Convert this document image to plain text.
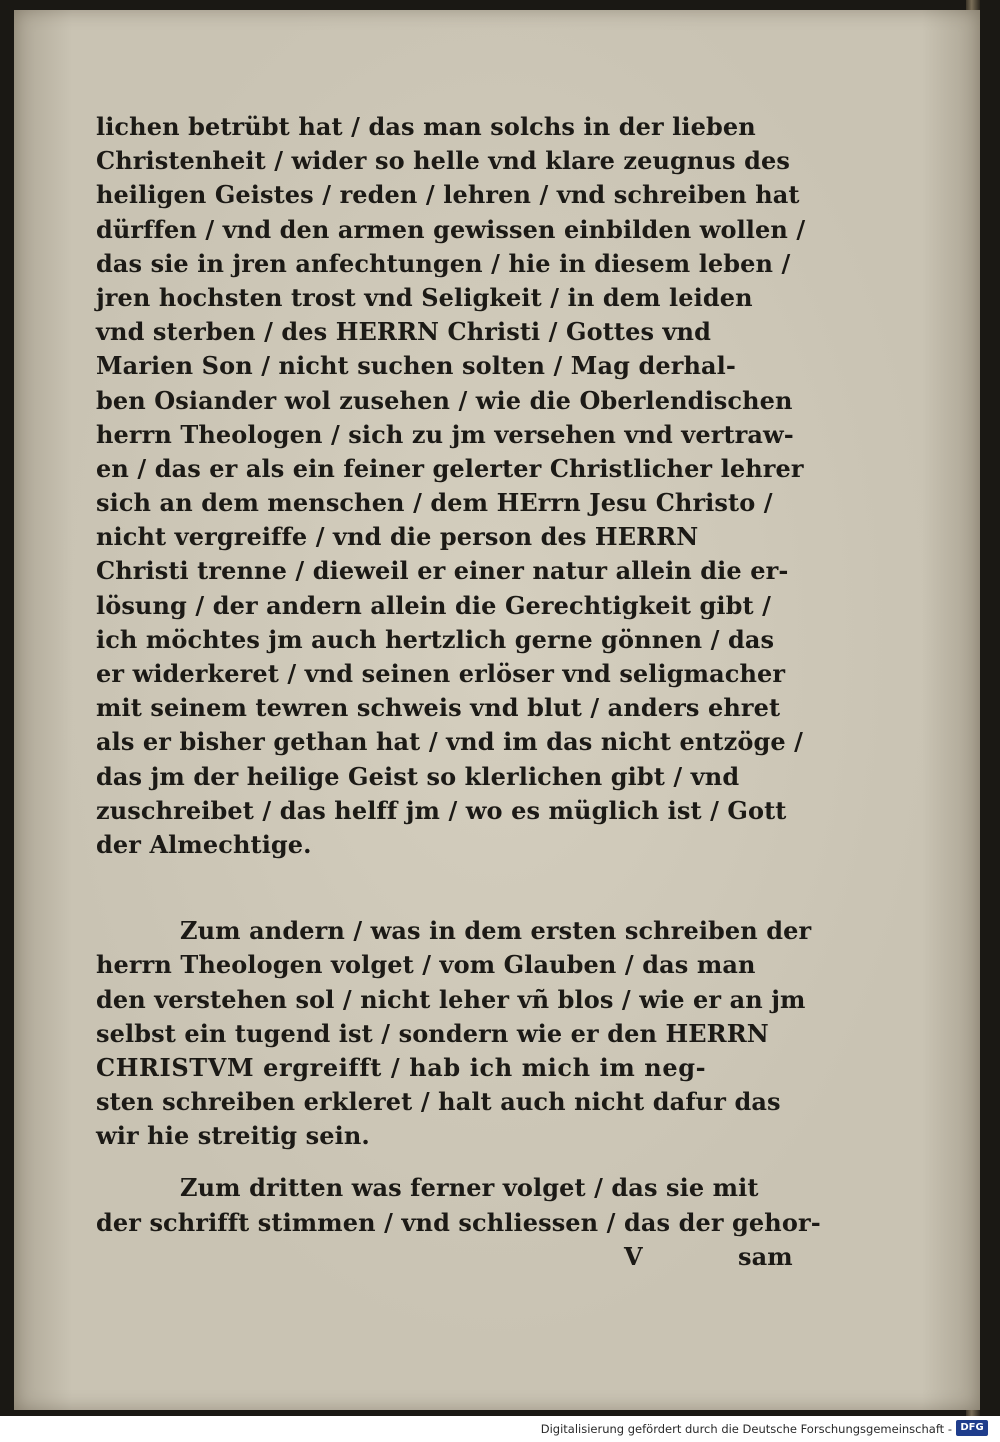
lichen betrübt hat / das man solchs in der lieben
Christenheit / wider so helle vnd klare zeugnus des
heiligen Geistes / reden / lehren / vnd schreiben hat
dürffen / vnd den armen gewissen einbilden wollen /
das sie in jren anfechtungen / hie in diesem leben /
jren hochsten trost vnd Seligkeit / in dem leiden
vnd sterben / des HERRN Christi / Gottes vnd
Marien Son / nicht suchen solten / Mag derhal-
ben Osiander wol zusehen / wie die Oberlendischen
herrn Theologen / sich zu jm versehen vnd vertraw-
en / das er als ein feiner gelerter Christlicher lehrer
sich an dem menschen / dem HErrn Jesu Christo /
nicht vergreiffe / vnd die person des HERRN
Christi trenne / dieweil er einer natur allein die er-
lösung / der andern allein die Gerechtigkeit gibt /
ich möchtes jm auch hertzlich gerne gönnen / das
er widerkeret / vnd seinen erlöser vnd seligmacher
mit seinem tewren schweis vnd blut / anders ehret
als er bisher gethan hat / vnd im das nicht entzöge /
das jm der heilige Geist so klerlichen gibt / vnd
zuschreibet / das helff jm / wo es müglich ist / Gott
der Almechtige.
Zum andern / was in dem ersten schreiben der
herrn Theologen volget / vom Glauben / das man
den verstehen sol / nicht leher vñ blos / wie er an jm
selbst ein tugend ist / sondern wie er den HERRN
CHRISTVM ergreifft / hab ich mich im neg-
sten schreiben erkleret / halt auch nicht dafur das
wir hie streitig sein.
Zum dritten was ferner volget / das sie mit
der schrifft stimmen / vnd schliessen / das der gehor-
V	sam
Digitalisierung gefördert durch die Deutsche Forschungsgemeinschaft - DFG
